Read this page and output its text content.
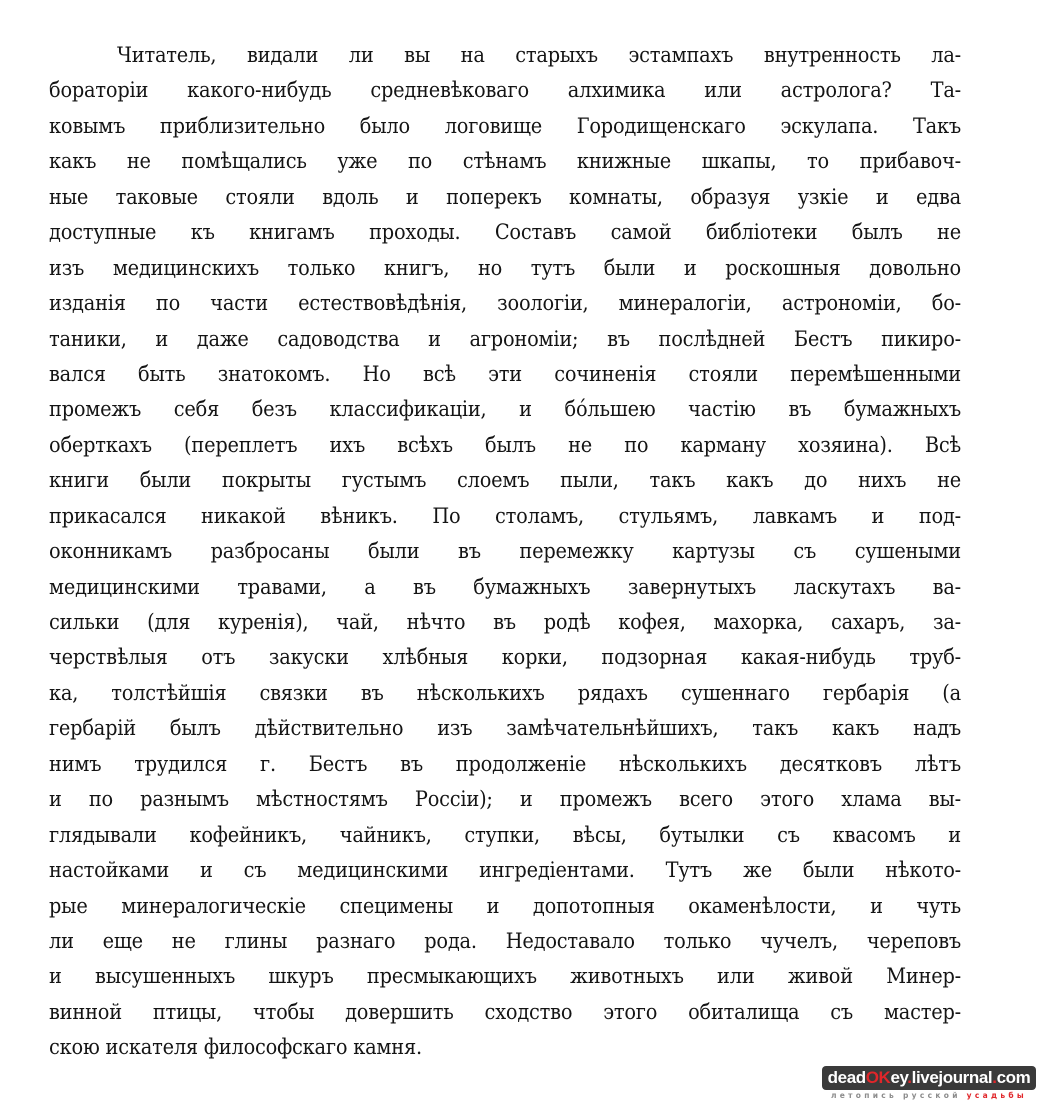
Читатель, видали ли вы на старыхъ эстампахъ внутренность ла-
бораторіи какого-нибудь средневѣковаго алхимика или астролога? Та-
ковымъ приблизительно было логовище Городищенскаго эскулапа. Такъ
какъ не помѣщались уже по стѣнамъ книжные шкапы, то прибавоч-
ные таковые стояли вдоль и поперекъ комнаты, образуя узкіе и едва
доступные къ книгамъ проходы. Составъ самой библіотеки былъ не
изъ медицинскихъ только книгъ, но тутъ были и роскошныя довольно
изданія по части естествовѣдѣнія, зоологіи, минералогіи, астрономіи, бо-
таники, и даже садоводства и агрономіи; въ послѣдней Бестъ пикиро-
вался быть знатокомъ. Но всѣ эти сочиненія стояли перемѣшенными
промежъ себя безъ классификаціи, и бо́льшею частію въ бумажныхъ
оберткахъ (переплетъ ихъ всѣхъ былъ не по карману хозяина). Всѣ
книги были покрыты густымъ слоемъ пыли, такъ какъ до нихъ не
прикасался никакой вѣникъ. По столамъ, стульямъ, лавкамъ и под-
оконникамъ разбросаны были въ перемежку картузы съ сушеными
медицинскими травами, а въ бумажныхъ завернутыхъ ласкутахъ ва-
сильки (для куренія), чай, нѣчто въ родѣ кофея, махорка, сахаръ, за-
черствѣлыя отъ закуски хлѣбныя корки, подзорная какая-нибудь труб-
ка, толстѣйшія связки въ нѣсколькихъ рядахъ сушеннаго гербарія (а
гербарій былъ дѣйствительно изъ замѣчательнѣйшихъ, такъ какъ надъ
нимъ трудился г. Бестъ въ продолженіе нѣсколькихъ десятковъ лѣтъ
и по разнымъ мѣстностямъ Россіи); и промежъ всего этого хлама вы-
глядывали кофейникъ, чайникъ, ступки, вѣсы, бутылки съ квасомъ и
настойками и съ медицинскими ингредіентами. Тутъ же были нѣкото-
рые минералогическіе специмены и допотопныя окаменѣлости, и чуть
ли еще не глины разнаго рода. Недоставало только чучелъ, череповъ
и высушенныхъ шкуръ пресмыкающихъ животныхъ или живой Минер-
винной птицы, чтобы довершить сходство этого обиталища съ мастер-
скою искателя философскаго камня.
deadOKey.livejournal.com
летопись русской усадьбы
